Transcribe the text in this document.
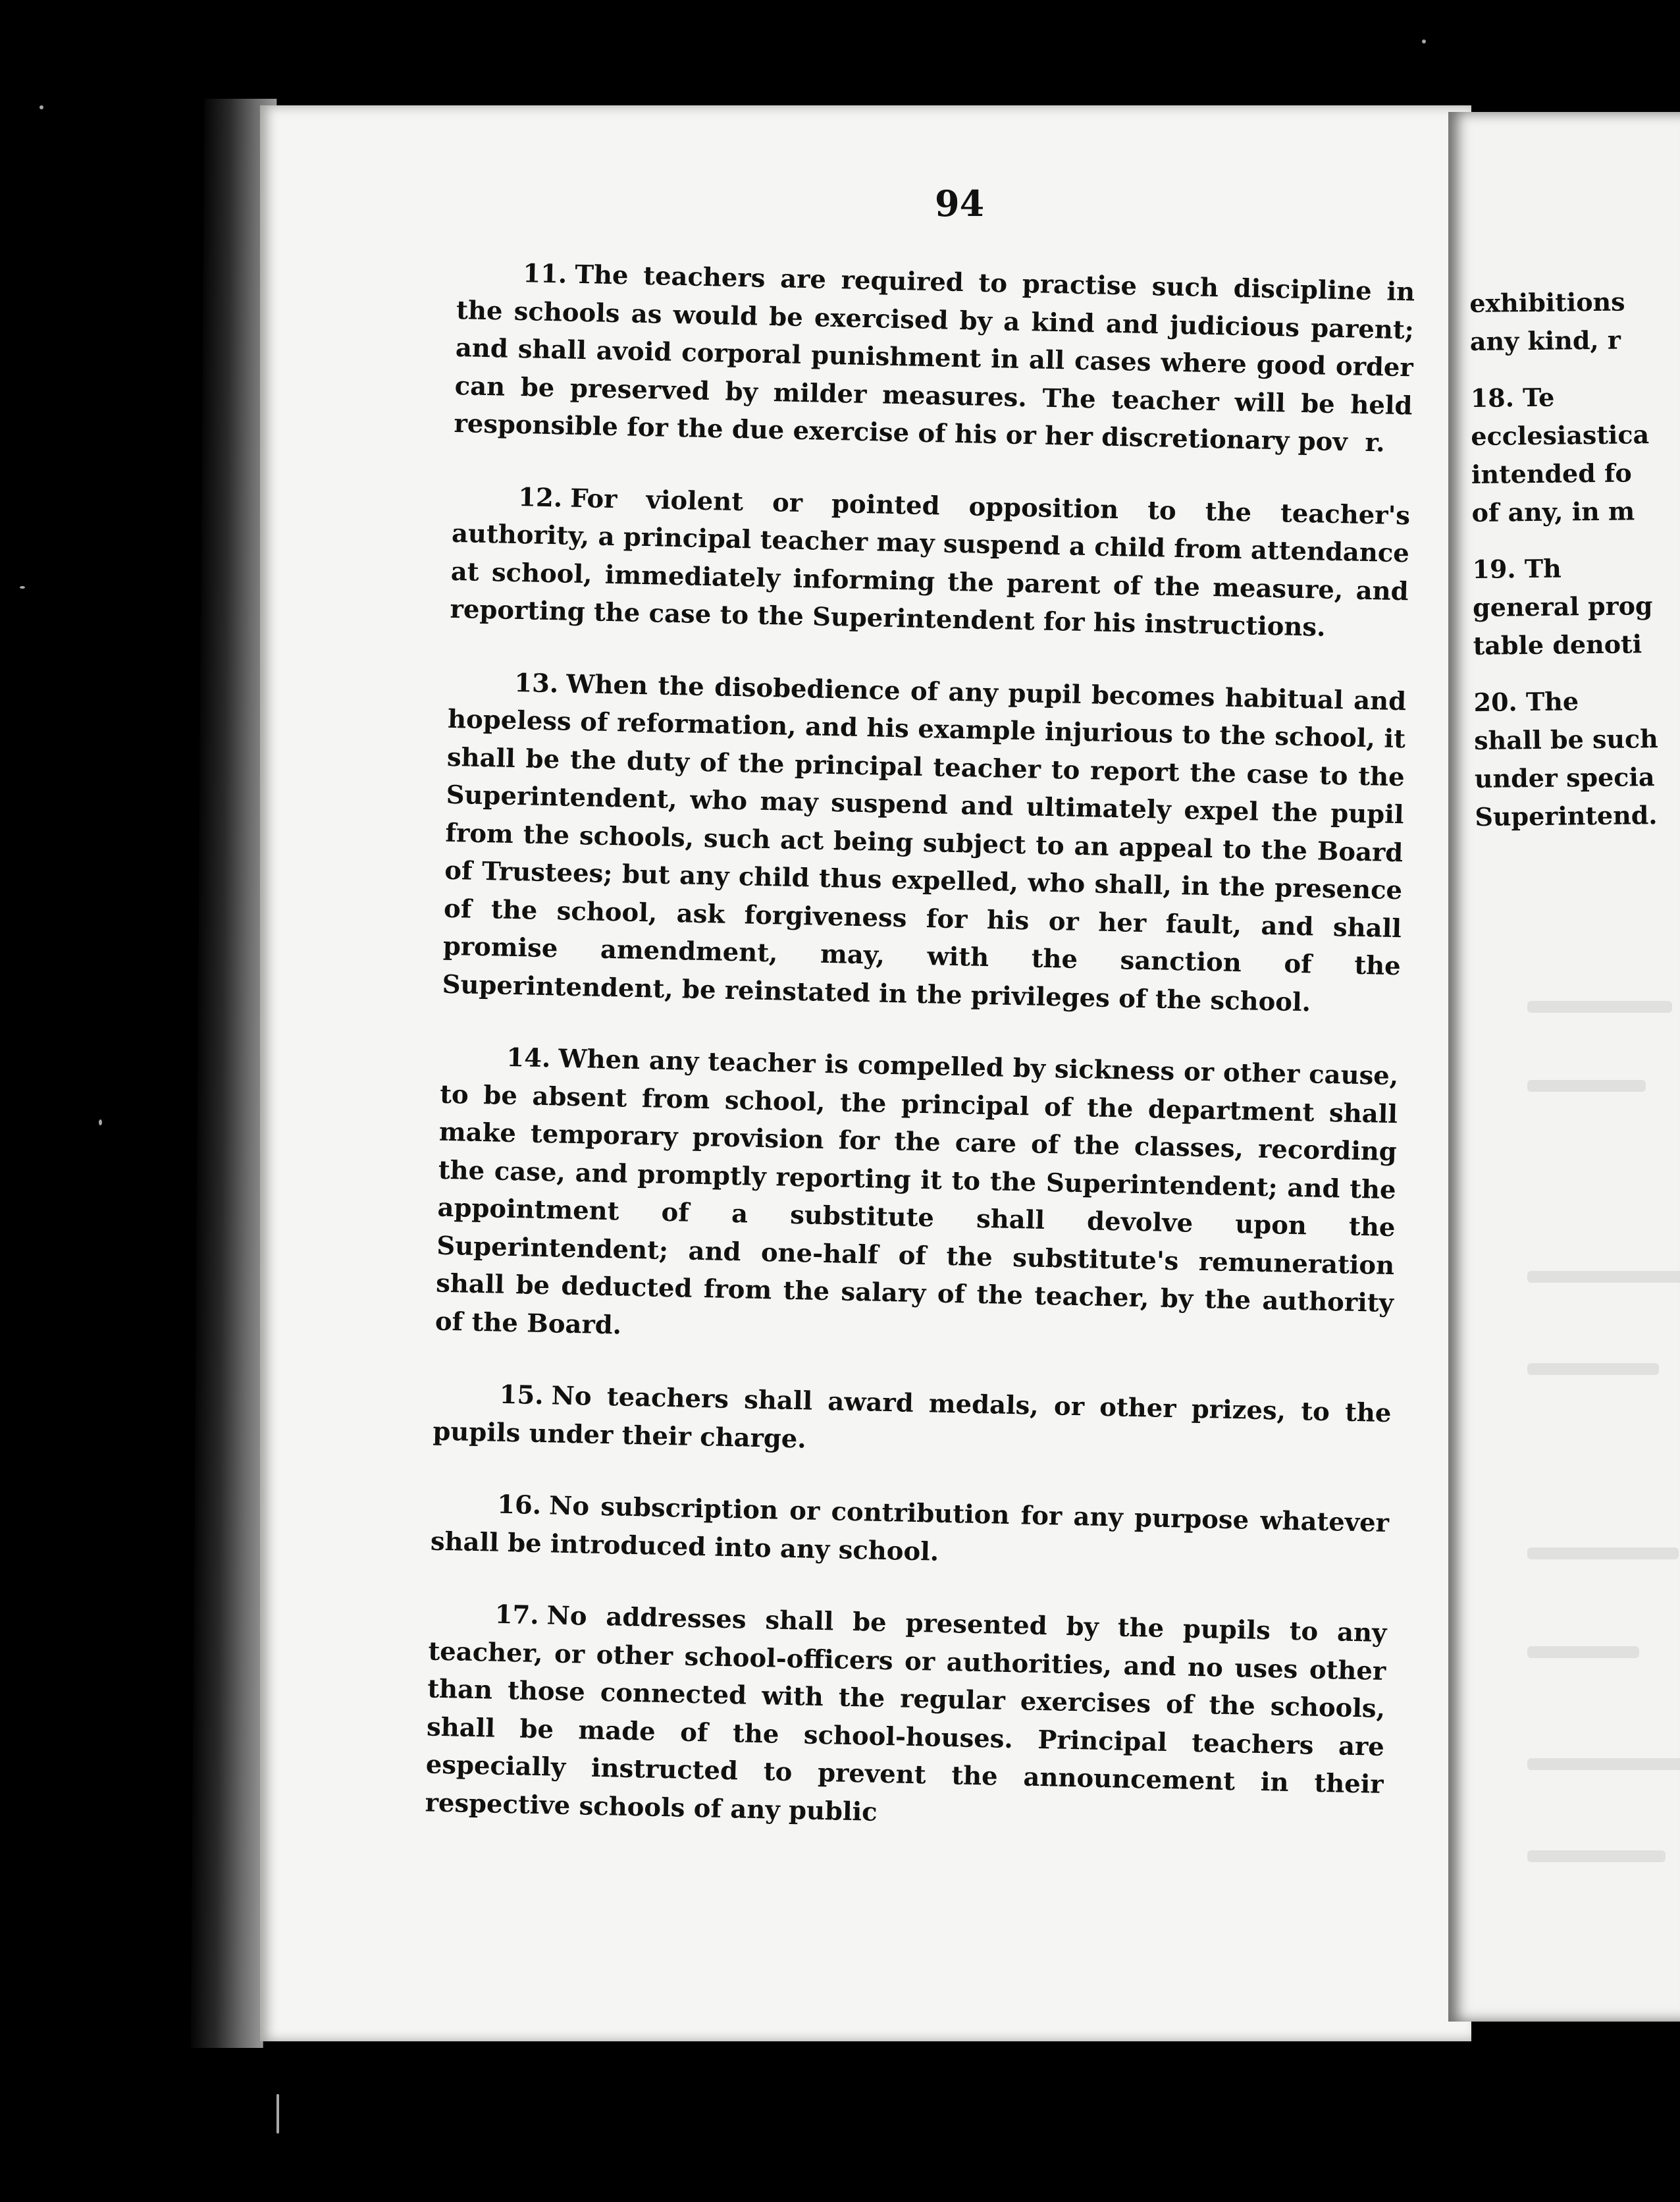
94

11. The teachers are required to practise such discipline in the schools as would be exercised by a kind and judicious parent; and shall avoid corporal punishment in all cases where good order can be preserved by milder measures. The teacher will be held responsible for the due exercise of his or her discretionary pov  r.

12. For violent or pointed opposition to the teacher's authority, a principal teacher may suspend a child from attendance at school, immediately informing the parent of the measure, and reporting the case to the Superintendent for his instructions.

13. When the disobedience of any pupil becomes habitual and hopeless of reformation, and his example injurious to the school, it shall be the duty of the principal teacher to report the case to the Superintendent, who may suspend and ultimately expel the pupil from the schools, such act being subject to an appeal to the Board of Trustees; but any child thus expelled, who shall, in the presence of the school, ask forgiveness for his or her fault, and shall promise amendment, may, with the sanction of the Superintendent, be reinstated in the privileges of the school.

14. When any teacher is compelled by sickness or other cause, to be absent from school, the principal of the department shall make temporary provision for the care of the classes, recording the case, and promptly reporting it to the Superintendent; and the appointment of a substitute shall devolve upon the Superintendent; and one-half of the substitute's remuneration shall be deducted from the salary of the teacher, by the authority of the Board.

15. No teachers shall award medals, or other prizes, to the pupils under their charge.

16. No subscription or contribution for any purpose whatever shall be introduced into any school.

17. No addresses shall be presented by the pupils to any teacher, or other school-officers or authorities, and no uses other than those connected with the regular exercises of the schools, shall be made of the school-houses. Principal teachers are especially instructed to prevent the announcement in their respective schools of any public

exhibitions
any kind, r
18. Te
ecclesiastica
intended fo
of any, in m
19. Th
general prog
table denoti
20. The
shall be such
under specia
Superintend.
